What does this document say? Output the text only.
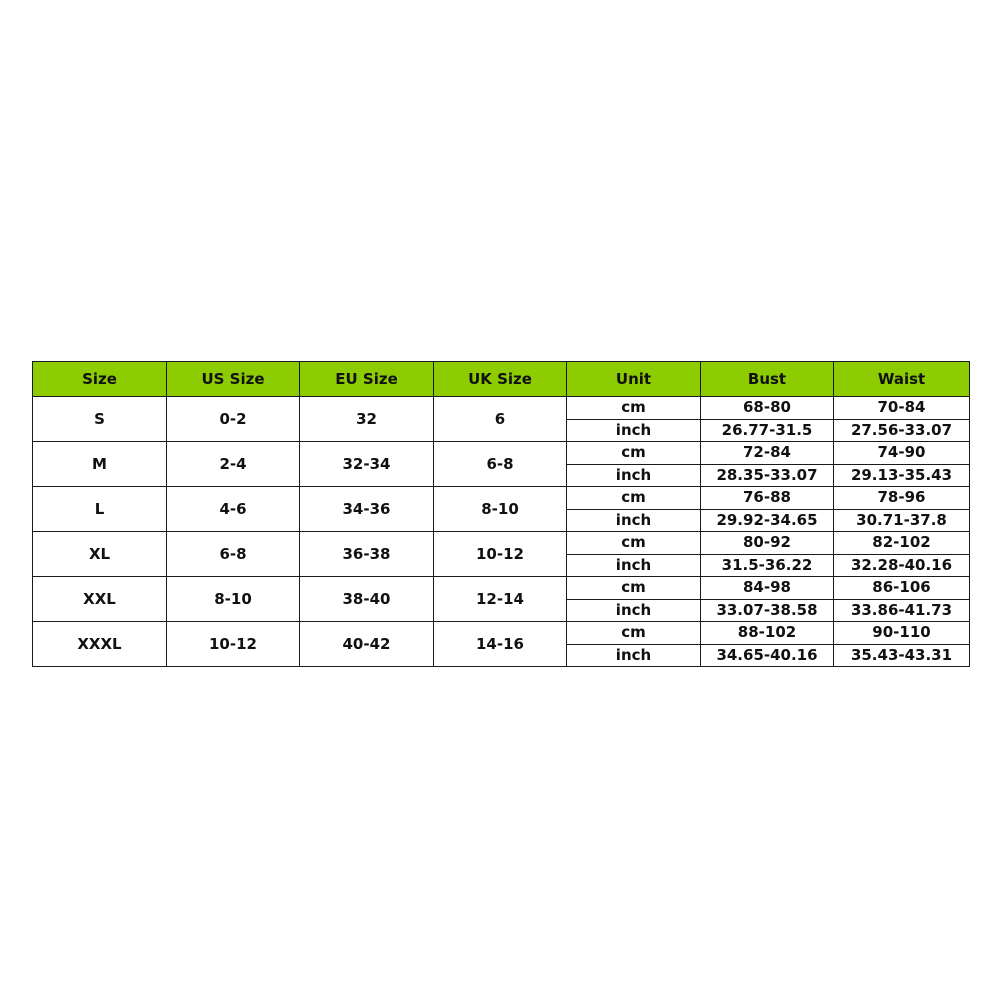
Size	US Size	EU Size	UK Size	Unit	Bust	Waist
S	0-2	32	6	cm	68-80	70-84
				inch	26.77-31.5	27.56-33.07
M	2-4	32-34	6-8	cm	72-84	74-90
				inch	28.35-33.07	29.13-35.43
L	4-6	34-36	8-10	cm	76-88	78-96
				inch	29.92-34.65	30.71-37.8
XL	6-8	36-38	10-12	cm	80-92	82-102
				inch	31.5-36.22	32.28-40.16
XXL	8-10	38-40	12-14	cm	84-98	86-106
				inch	33.07-38.58	33.86-41.73
XXXL	10-12	40-42	14-16	cm	88-102	90-110
				inch	34.65-40.16	35.43-43.31
